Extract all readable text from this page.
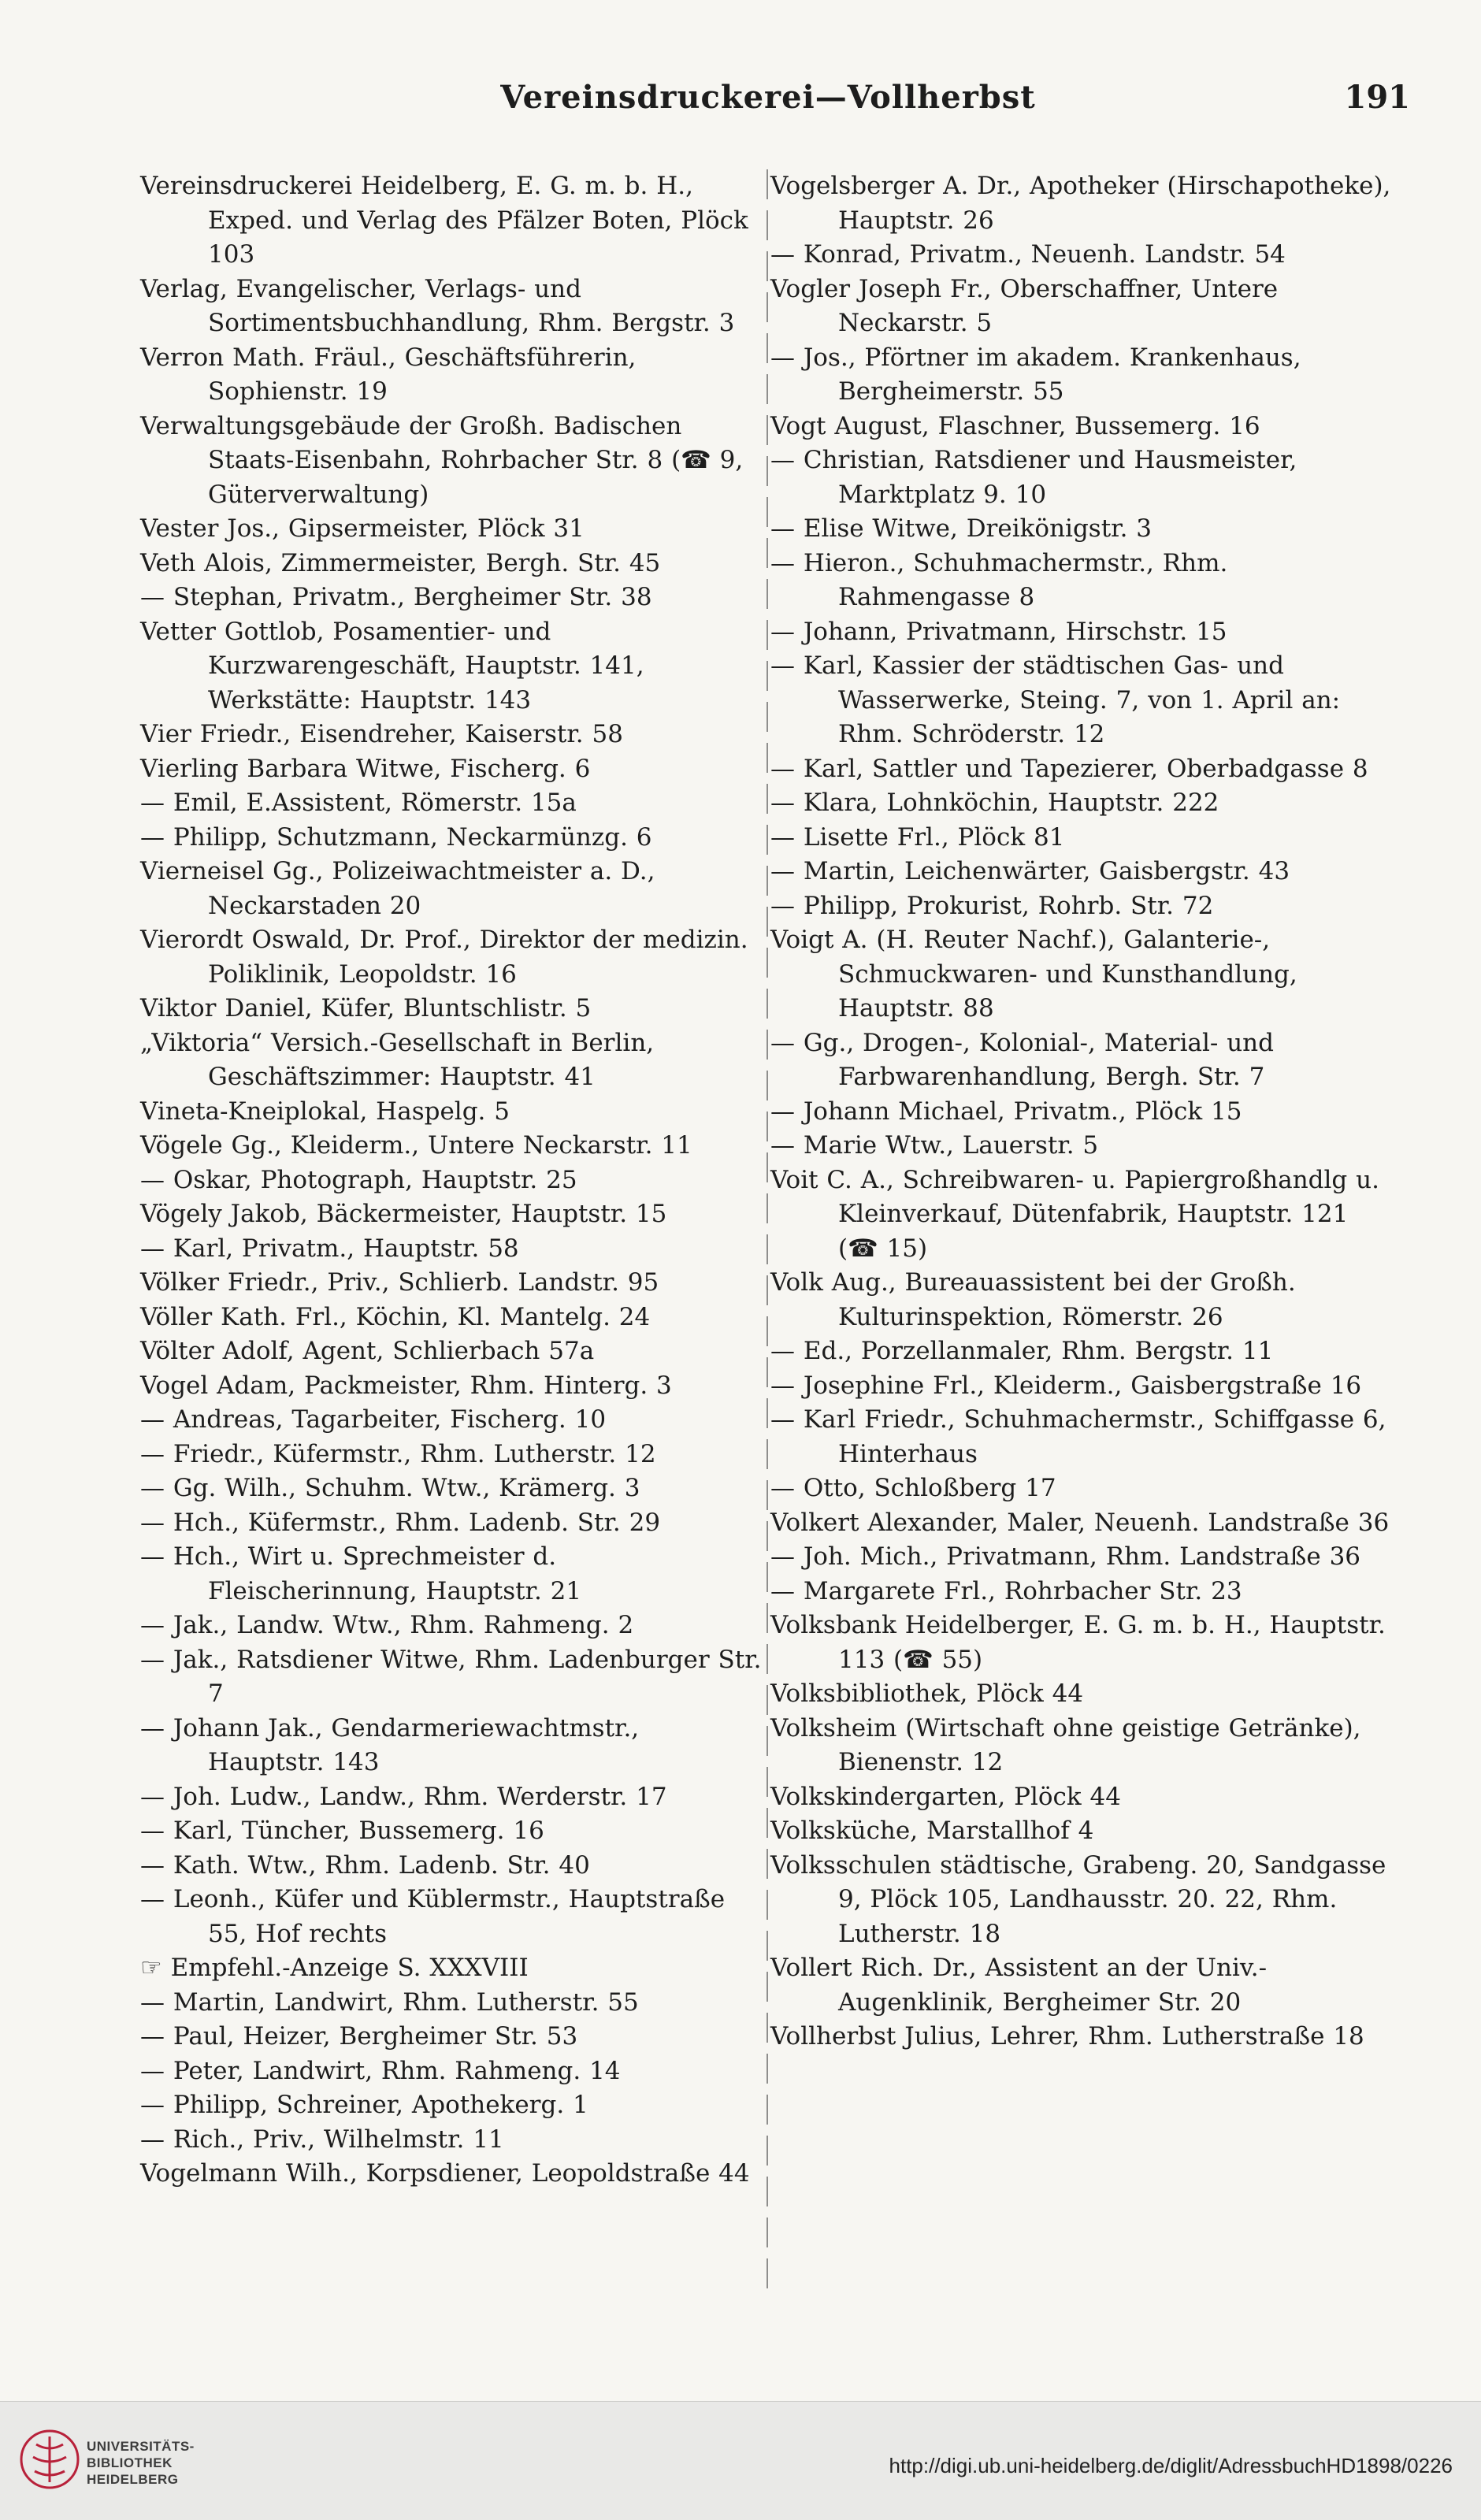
Vereinsdruckerei—Vollherbst	191
Vereinsdruckerei Heidelberg, E. G. m. b. H., Exped. und Verlag des Pfälzer Boten, Plöck 103
Verlag, Evangelischer, Verlags- und Sortimentsbuchhandlung, Rhm. Bergstr. 3
Verron Math. Fräul., Geschäftsführerin, Sophienstr. 19
Verwaltungsgebäude der Großh. Badischen Staats-Eisenbahn, Rohrbacher Str. 8 (☎ 9, Güterverwaltung)
Vester Jos., Gipsermeister, Plöck 31
Veth Alois, Zimmermeister, Bergh. Str. 45
— Stephan, Privatm., Bergheimer Str. 38
Vetter Gottlob, Posamentier- und Kurzwarengeschäft, Hauptstr. 141, Werkstätte: Hauptstr. 143
Vier Friedr., Eisendreher, Kaiserstr. 58
Vierling Barbara Witwe, Fischerg. 6
— Emil, E.Assistent, Römerstr. 15a
— Philipp, Schutzmann, Neckarmünzg. 6
Vierneisel Gg., Polizeiwachtmeister a. D., Neckarstaden 20
Vierordt Oswald, Dr. Prof., Direktor der medizin. Poliklinik, Leopoldstr. 16
Viktor Daniel, Küfer, Bluntschlistr. 5
„Viktoria“ Versich.-Gesellschaft in Berlin, Geschäftszimmer: Hauptstr. 41
Vineta-Kneiplokal, Haspelg. 5
Vögele Gg., Kleiderm., Untere Neckarstr. 11
— Oskar, Photograph, Hauptstr. 25
Vögely Jakob, Bäckermeister, Hauptstr. 15
— Karl, Privatm., Hauptstr. 58
Völker Friedr., Priv., Schlierb. Landstr. 95
Völler Kath. Frl., Köchin, Kl. Mantelg. 24
Völter Adolf, Agent, Schlierbach 57a
Vogel Adam, Packmeister, Rhm. Hinterg. 3
— Andreas, Tagarbeiter, Fischerg. 10
— Friedr., Küfermstr., Rhm. Lutherstr. 12
— Gg. Wilh., Schuhm. Wtw., Krämerg. 3
— Hch., Küfermstr., Rhm. Ladenb. Str. 29
— Hch., Wirt u. Sprechmeister d. Fleischerinnung, Hauptstr. 21
— Jak., Landw. Wtw., Rhm. Rahmeng. 2
— Jak., Ratsdiener Witwe, Rhm. Ladenburger Str. 7
— Johann Jak., Gendarmeriewachtmstr., Hauptstr. 143
— Joh. Ludw., Landw., Rhm. Werderstr. 17
— Karl, Tüncher, Bussemerg. 16
— Kath. Wtw., Rhm. Ladenb. Str. 40
— Leonh., Küfer und Küblermstr., Hauptstraße 55, Hof rechts
☞ Empfehl.-Anzeige S. XXXVIII
— Martin, Landwirt, Rhm. Lutherstr. 55
— Paul, Heizer, Bergheimer Str. 53
— Peter, Landwirt, Rhm. Rahmeng. 14
— Philipp, Schreiner, Apothekerg. 1
— Rich., Priv., Wilhelmstr. 11
Vogelmann Wilh., Korpsdiener, Leopoldstraße 44
Vogelsberger A. Dr., Apotheker (Hirschapotheke), Hauptstr. 26
— Konrad, Privatm., Neuenh. Landstr. 54
Vogler Joseph Fr., Oberschaffner, Untere Neckarstr. 5
— Jos., Pförtner im akadem. Krankenhaus, Bergheimerstr. 55
Vogt August, Flaschner, Bussemerg. 16
— Christian, Ratsdiener und Hausmeister, Marktplatz 9. 10
— Elise Witwe, Dreikönigstr. 3
— Hieron., Schuhmachermstr., Rhm. Rahmengasse 8
— Johann, Privatmann, Hirschstr. 15
— Karl, Kassier der städtischen Gas- und Wasserwerke, Steing. 7, von 1. April an: Rhm. Schröderstr. 12
— Karl, Sattler und Tapezierer, Oberbadgasse 8
— Klara, Lohnköchin, Hauptstr. 222
— Lisette Frl., Plöck 81
— Martin, Leichenwärter, Gaisbergstr. 43
— Philipp, Prokurist, Rohrb. Str. 72
Voigt A. (H. Reuter Nachf.), Galanterie-, Schmuckwaren- und Kunsthandlung, Hauptstr. 88
— Gg., Drogen-, Kolonial-, Material- und Farbwarenhandlung, Bergh. Str. 7
— Johann Michael, Privatm., Plöck 15
— Marie Wtw., Lauerstr. 5
Voit C. A., Schreibwaren- u. Papiergroßhandlg u. Kleinverkauf, Dütenfabrik, Hauptstr. 121 (☎ 15)
Volk Aug., Bureauassistent bei der Großh. Kulturinspektion, Römerstr. 26
— Ed., Porzellanmaler, Rhm. Bergstr. 11
— Josephine Frl., Kleiderm., Gaisbergstraße 16
— Karl Friedr., Schuhmachermstr., Schiffgasse 6, Hinterhaus
— Otto, Schloßberg 17
Volkert Alexander, Maler, Neuenh. Landstraße 36
— Joh. Mich., Privatmann, Rhm. Landstraße 36
— Margarete Frl., Rohrbacher Str. 23
Volksbank Heidelberger, E. G. m. b. H., Hauptstr. 113 (☎ 55)
Volksbibliothek, Plöck 44
Volksheim (Wirtschaft ohne geistige Getränke), Bienenstr. 12
Volkskindergarten, Plöck 44
Volksküche, Marstallhof 4
Volksschulen städtische, Grabeng. 20, Sandgasse 9, Plöck 105, Landhausstr. 20. 22, Rhm. Lutherstr. 18
Vollert Rich. Dr., Assistent an der Univ.-Augenklinik, Bergheimer Str. 20
Vollherbst Julius, Lehrer, Rhm. Lutherstraße 18
UNIVERSITÄTS-
BIBLIOTHEK
HEIDELBERG
http://digi.ub.uni-heidelberg.de/diglit/AdressbuchHD1898/0226
